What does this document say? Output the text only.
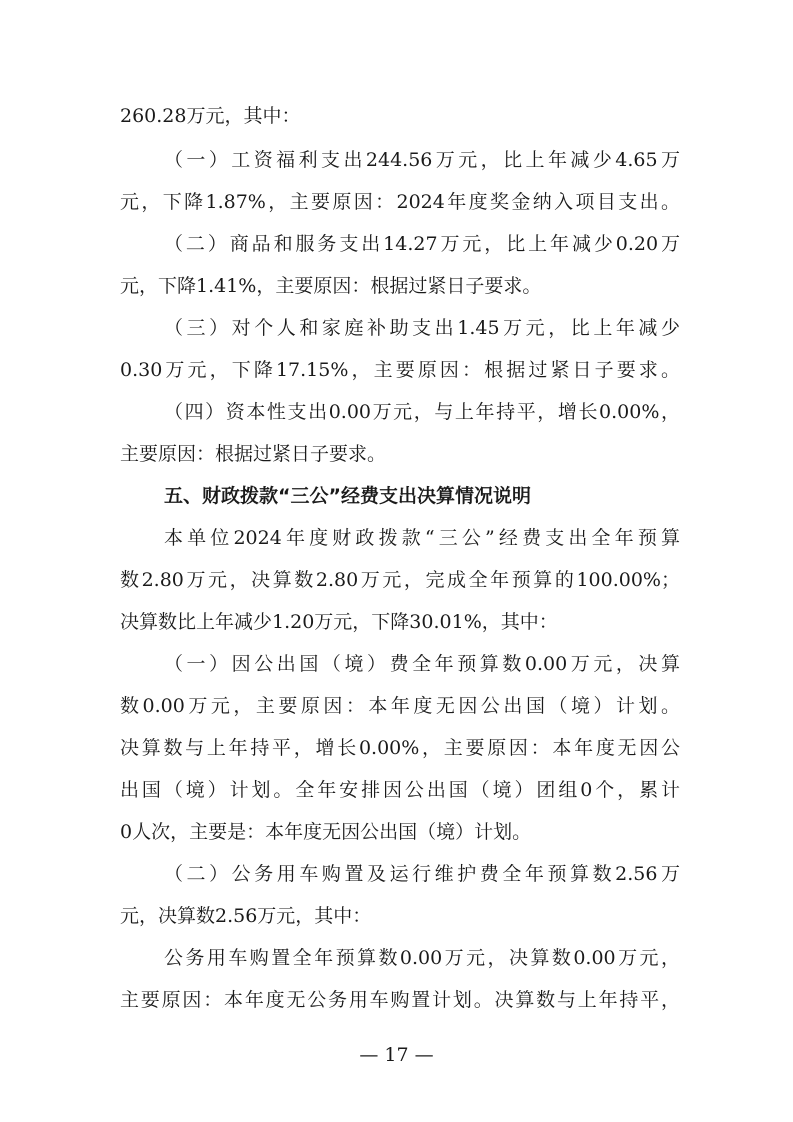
260.28万元，其中：
（一）工资福利支出244.56万元，比上年减少4.65万
元，下降1.87%，主要原因：2024年度奖金纳入项目支出。
（二）商品和服务支出14.27万元，比上年减少0.20万
元，下降1.41%，主要原因：根据过紧日子要求。
（三）对个人和家庭补助支出1.45万元，比上年减少
0.30万元，下降17.15%，主要原因：根据过紧日子要求。
（四）资本性支出0.00万元，与上年持平，增长0.00%，
主要原因：根据过紧日子要求。
五、财政拨款“三公”经费支出决算情况说明
本单位2024年度财政拨款“三公”经费支出全年预算
数2.80万元，决算数2.80万元，完成全年预算的100.00%；
决算数比上年减少1.20万元，下降30.01%，其中：
（一）因公出国（境）费全年预算数0.00万元，决算
数0.00万元，主要原因：本年度无因公出国（境）计划。
决算数与上年持平，增长0.00%，主要原因：本年度无因公
出国（境）计划。全年安排因公出国（境）团组0个，累计
0人次，主要是：本年度无因公出国（境）计划。
（二）公务用车购置及运行维护费全年预算数2.56万
元，决算数2.56万元，其中：
公务用车购置全年预算数0.00万元，决算数0.00万元，
主要原因：本年度无公务用车购置计划。决算数与上年持平，
— 17 —
